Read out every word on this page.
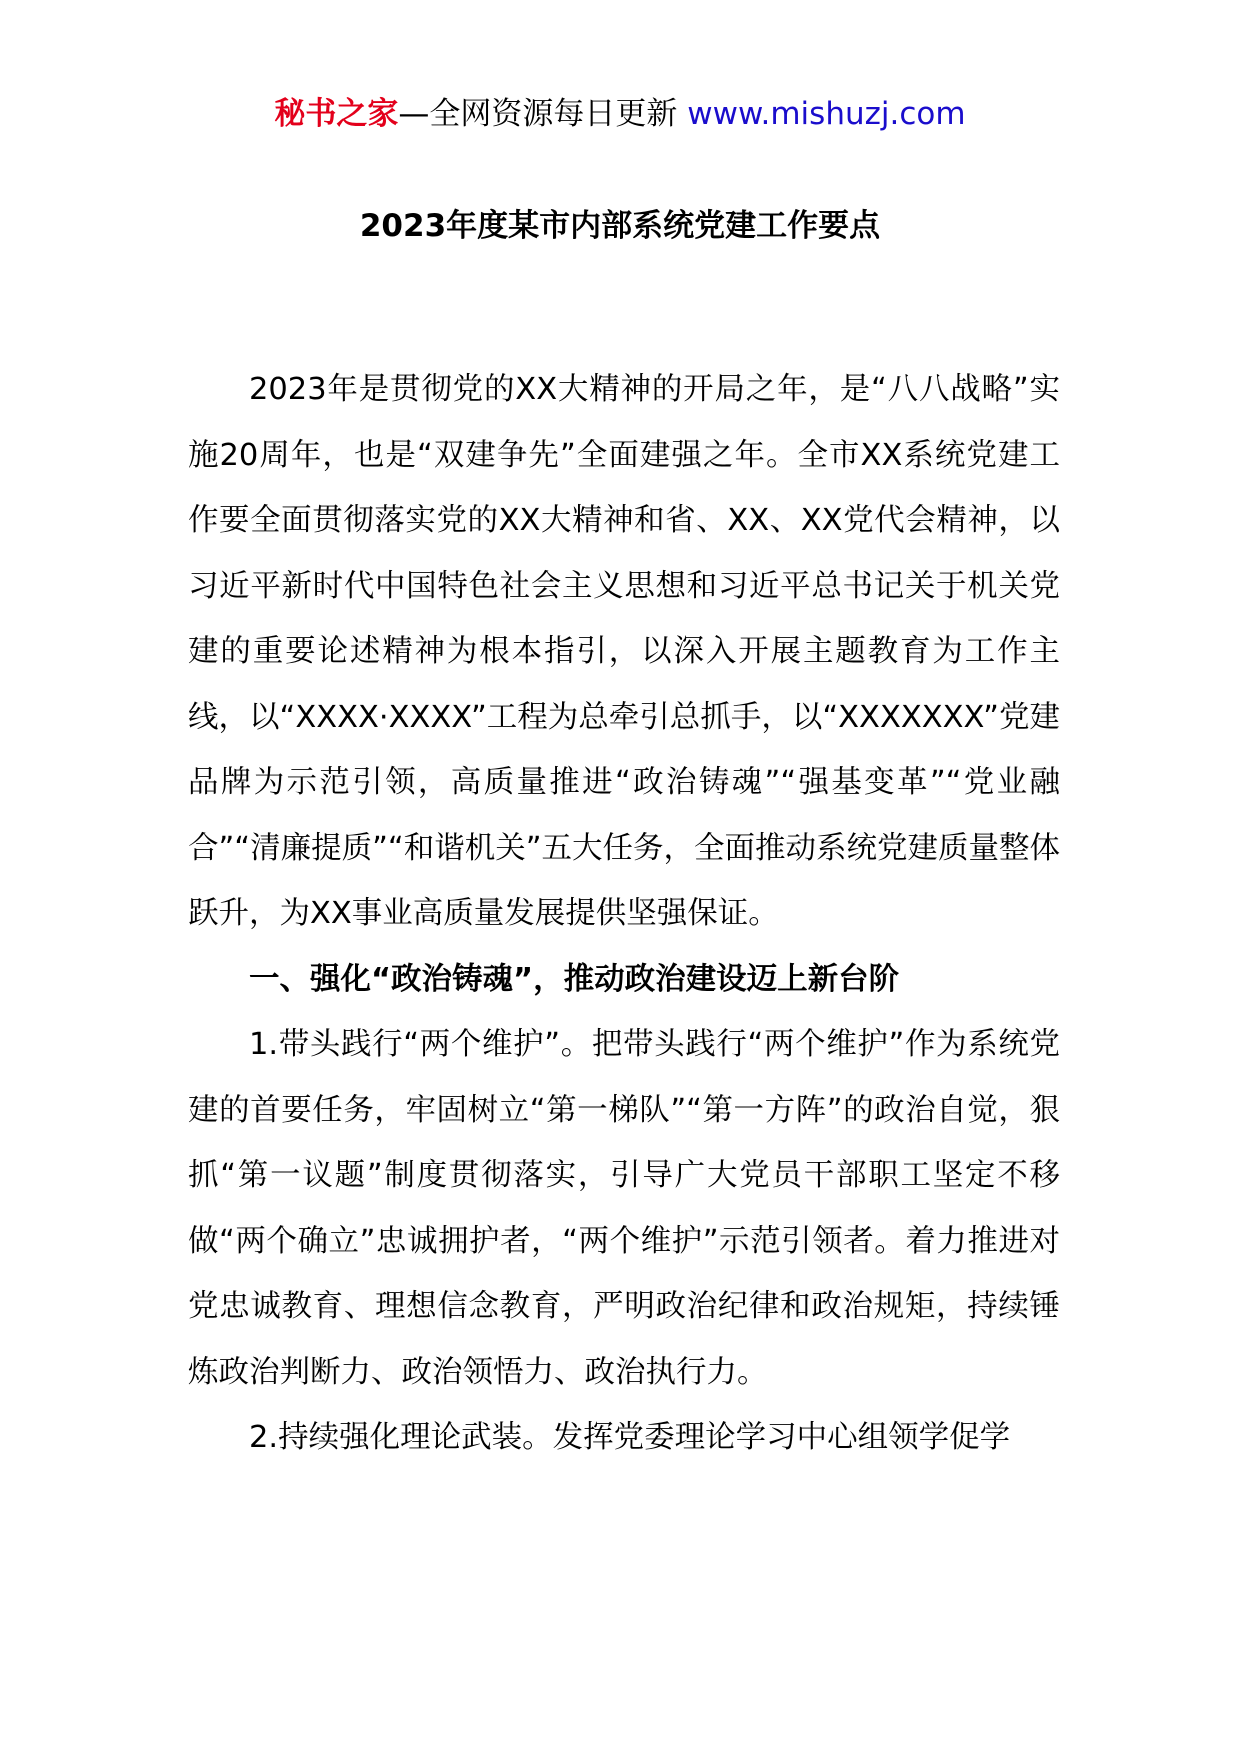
秘书之家—全网资源每日更新 www.mishuzj.com
2023年度某市内部系统党建工作要点

2023年是贯彻党的XX大精神的开局之年，是“八八战略”实施20周年，也是“双建争先”全面建强之年。全市XX系统党建工作要全面贯彻落实党的XX大精神和省、XX、XX党代会精神，以习近平新时代中国特色社会主义思想和习近平总书记关于机关党建的重要论述精神为根本指引，以深入开展主题教育为工作主线，以“XXXX·XXXX”工程为总牵引总抓手，以“XXXXXXX”党建品牌为示范引领，高质量推进“政治铸魂”“强基变革”“党业融合”“清廉提质”“和谐机关”五大任务，全面推动系统党建质量整体跃升，为XX事业高质量发展提供坚强保证。

一、强化“政治铸魂”，推动政治建设迈上新台阶

1.带头践行“两个维护”。把带头践行“两个维护”作为系统党建的首要任务，牢固树立“第一梯队”“第一方阵”的政治自觉，狠抓“第一议题”制度贯彻落实，引导广大党员干部职工坚定不移做“两个确立”忠诚拥护者，“两个维护”示范引领者。着力推进对党忠诚教育、理想信念教育，严明政治纪律和政治规矩，持续锤炼政治判断力、政治领悟力、政治执行力。

2.持续强化理论武装。发挥党委理论学习中心组领学促学
